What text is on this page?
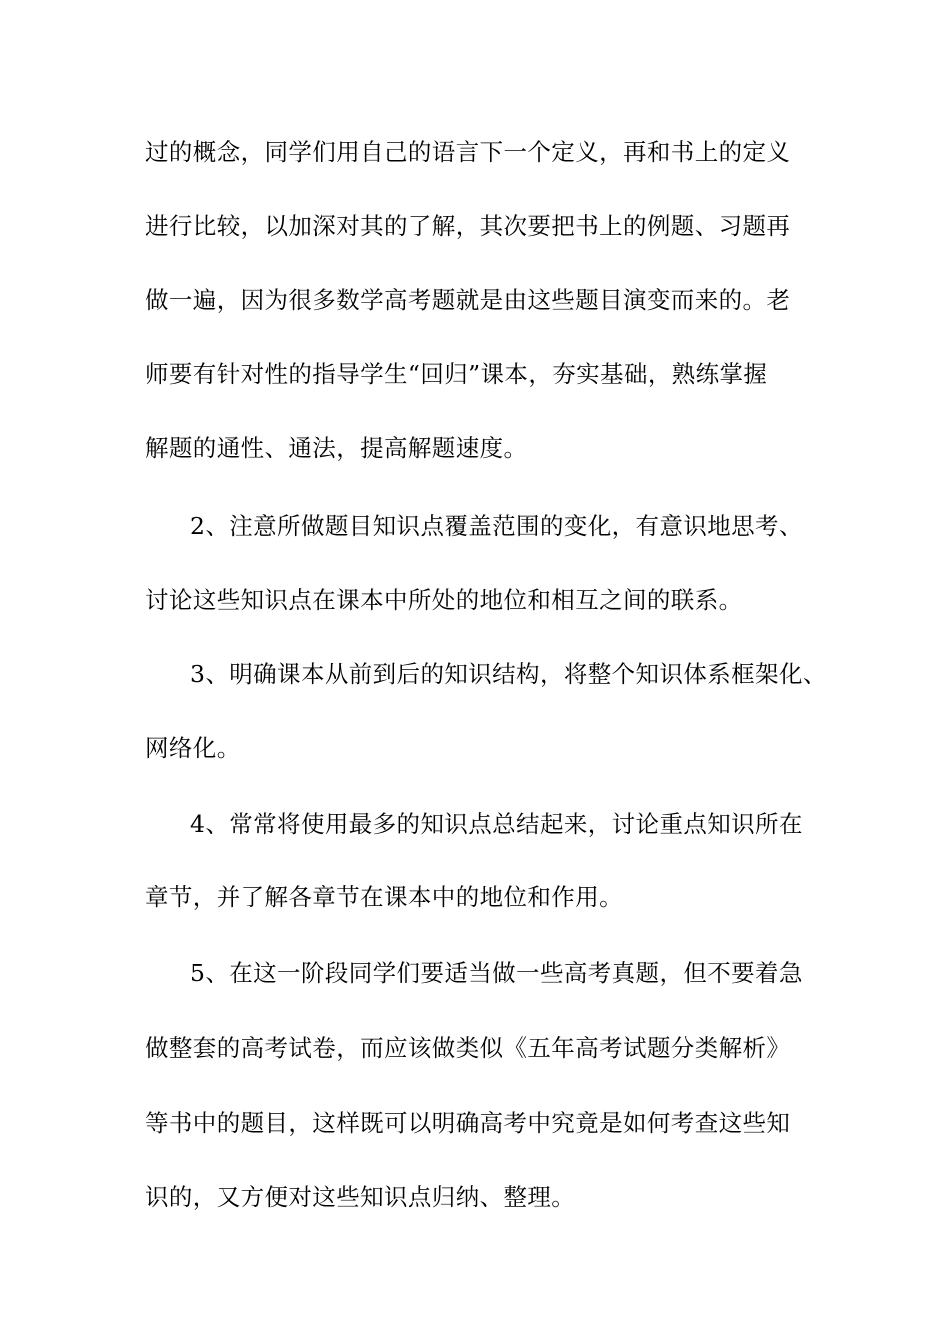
过的概念，同学们用自己的语言下一个定义，再和书上的定义
进行比较，以加深对其的了解，其次要把书上的例题、习题再
做一遍，因为很多数学高考题就是由这些题目演变而来的。老
师要有针对性的指导学生“回归”课本，夯实基础，熟练掌握
解题的通性、通法，提高解题速度。
2、注意所做题目知识点覆盖范围的变化，有意识地思考、
讨论这些知识点在课本中所处的地位和相互之间的联系。
3、明确课本从前到后的知识结构，将整个知识体系框架化、
网络化。
4、常常将使用最多的知识点总结起来，讨论重点知识所在
章节，并了解各章节在课本中的地位和作用。
5、在这一阶段同学们要适当做一些高考真题，但不要着急
做整套的高考试卷，而应该做类似《五年高考试题分类解析》
等书中的题目，这样既可以明确高考中究竟是如何考查这些知
识的，又方便对这些知识点归纳、整理。
